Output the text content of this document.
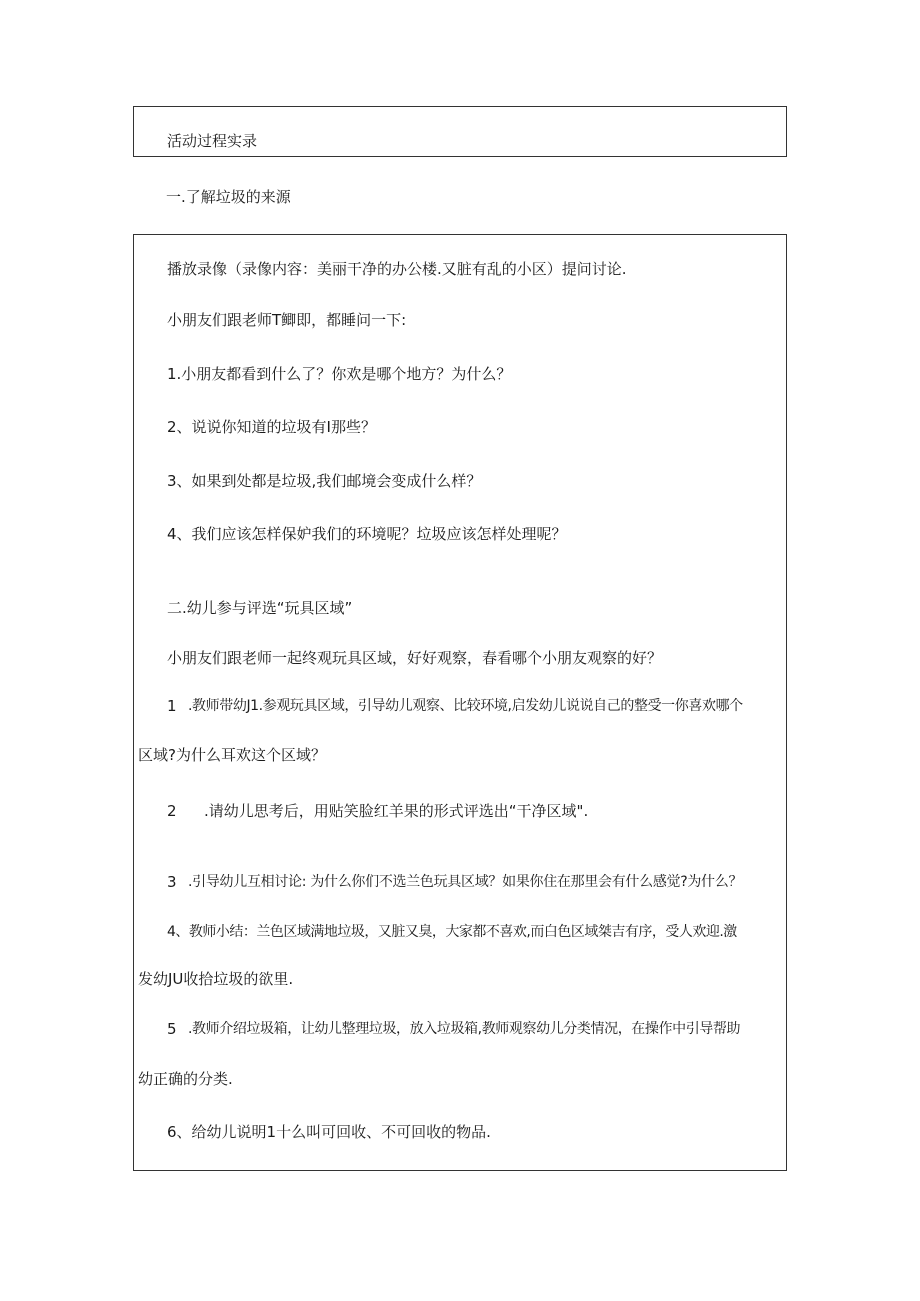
活动过程实录
一.了解垃圾的来源
播放录像（录像内容：美丽干净的办公楼.又脏有乱的小区）提问讨论.
小朋友们跟老师T鲫即，都睡问一下:
1.小朋友都看到什么了？你欢是哪个地方？为什么？
2、说说你知道的垃圾有I那些？
3、如果到处都是垃圾,我们邮境会变成什么样？
4、我们应该怎样保妒我们的环境呢？垃圾应该怎样处理呢？
二.幼儿参与评选“玩具区域”
小朋友们跟老师一起终观玩具区域，好好观察，春看哪个小朋友观察的好？
1 .教师带幼J1.参观玩具区域，引导幼儿观察、比较环境,启发幼儿说说自己的整受一你喜欢哪个
区域?为什么耳欢这个区域？
2 .请幼儿思考后，用贴笑脸红羊果的形式评选出“干净区域".
3 .引导幼儿互相讨论: 为什么你们不选兰色玩具区域？如果你住在那里会有什么感觉?为什么？
4、教师小结：兰色区域满地垃圾，又脏又臭，大家都不喜欢,而白色区域桀吉有序，受人欢迎.激
发幼JU收拾垃圾的欲里.
5 .教师介绍垃圾箱，让幼儿整理垃圾，放入垃圾箱,教师观察幼儿分类情况，在操作中引导帮助
幼正确的分类.
6、给幼儿说明1十么叫可回收、不可回收的物品.
